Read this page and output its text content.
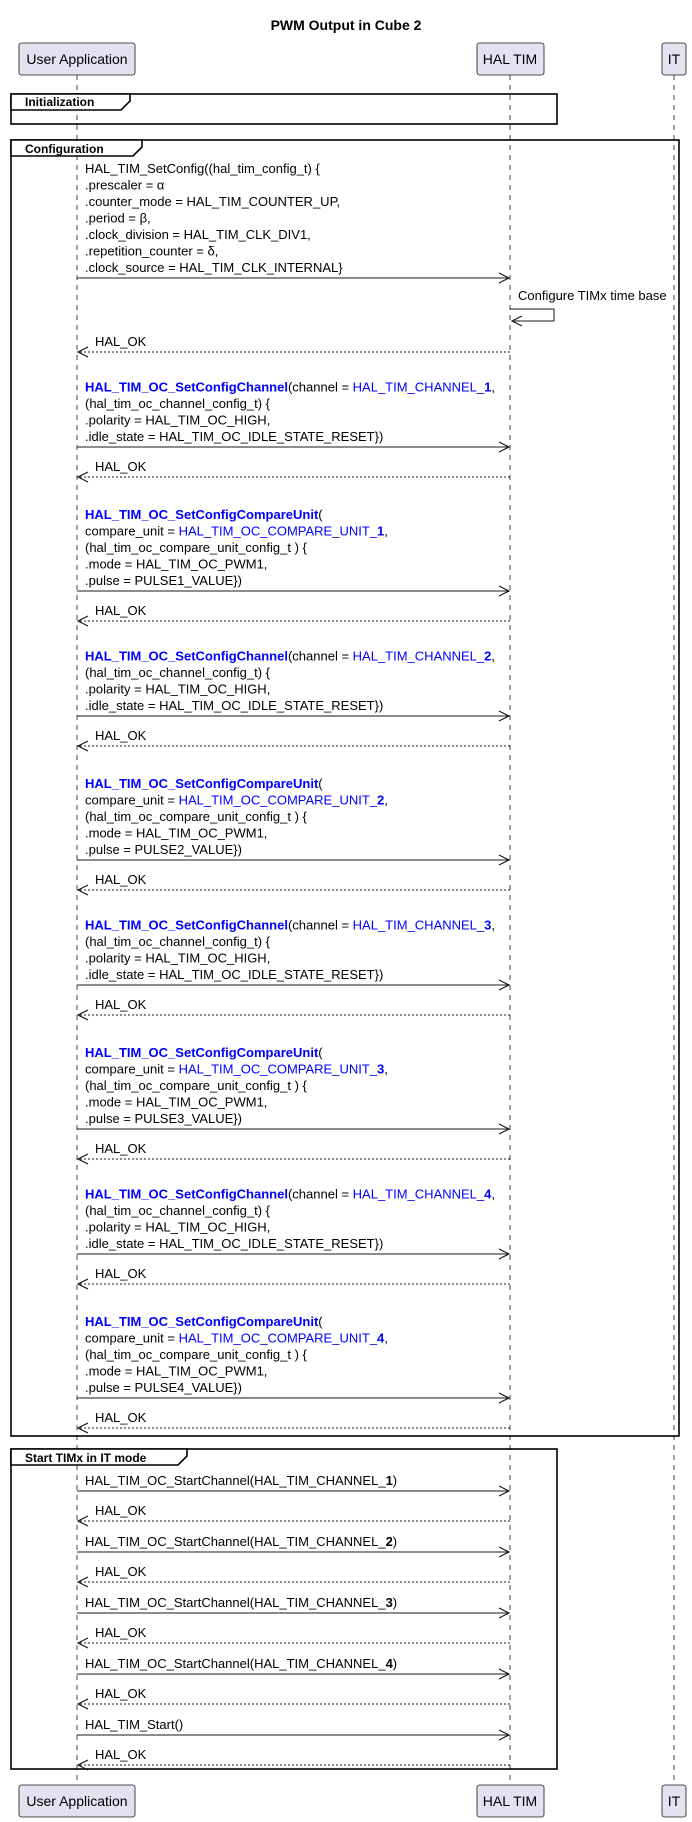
PWM Output in Cube 2
User Application	HAL TIM	IT
User Application	HAL TIM	IT
Initialization
Configuration
Start TIMx in IT mode
HAL_TIM_SetConfig((hal_tim_config_t) { .prescaler = α .counter_mode = HAL_TIM_COUNTER_UP, .period = β, .clock_division = HAL_TIM_CLK_DIV1, .repetition_counter = δ, .clock_source = HAL_TIM_CLK_INTERNAL}
Configure TIMx time base
HAL_OK
HAL_TIM_OC_SetConfigChannel(channel = HAL_TIM_CHANNEL_1, (hal_tim_oc_channel_config_t) { .polarity = HAL_TIM_OC_HIGH, .idle_state = HAL_TIM_OC_IDLE_STATE_RESET})
HAL_OK
HAL_TIM_OC_SetConfigCompareUnit( compare_unit = HAL_TIM_OC_COMPARE_UNIT_1, (hal_tim_oc_compare_unit_config_t ) { .mode = HAL_TIM_OC_PWM1, .pulse = PULSE1_VALUE})
HAL_OK
HAL_TIM_OC_SetConfigChannel(channel = HAL_TIM_CHANNEL_2, (hal_tim_oc_channel_config_t) { .polarity = HAL_TIM_OC_HIGH, .idle_state = HAL_TIM_OC_IDLE_STATE_RESET})
HAL_OK
HAL_TIM_OC_SetConfigCompareUnit( compare_unit = HAL_TIM_OC_COMPARE_UNIT_2, (hal_tim_oc_compare_unit_config_t ) { .mode = HAL_TIM_OC_PWM1, .pulse = PULSE2_VALUE})
HAL_OK
HAL_TIM_OC_SetConfigChannel(channel = HAL_TIM_CHANNEL_3, (hal_tim_oc_channel_config_t) { .polarity = HAL_TIM_OC_HIGH, .idle_state = HAL_TIM_OC_IDLE_STATE_RESET})
HAL_OK
HAL_TIM_OC_SetConfigCompareUnit( compare_unit = HAL_TIM_OC_COMPARE_UNIT_3, (hal_tim_oc_compare_unit_config_t ) { .mode = HAL_TIM_OC_PWM1, .pulse = PULSE3_VALUE})
HAL_OK
HAL_TIM_OC_SetConfigChannel(channel = HAL_TIM_CHANNEL_4, (hal_tim_oc_channel_config_t) { .polarity = HAL_TIM_OC_HIGH, .idle_state = HAL_TIM_OC_IDLE_STATE_RESET})
HAL_OK
HAL_TIM_OC_SetConfigCompareUnit( compare_unit = HAL_TIM_OC_COMPARE_UNIT_4, (hal_tim_oc_compare_unit_config_t ) { .mode = HAL_TIM_OC_PWM1, .pulse = PULSE4_VALUE})
HAL_OK
HAL_TIM_OC_StartChannel(HAL_TIM_CHANNEL_1)
HAL_OK
HAL_TIM_OC_StartChannel(HAL_TIM_CHANNEL_2)
HAL_OK
HAL_TIM_OC_StartChannel(HAL_TIM_CHANNEL_3)
HAL_OK
HAL_TIM_OC_StartChannel(HAL_TIM_CHANNEL_4)
HAL_OK
HAL_TIM_Start()
HAL_OK
